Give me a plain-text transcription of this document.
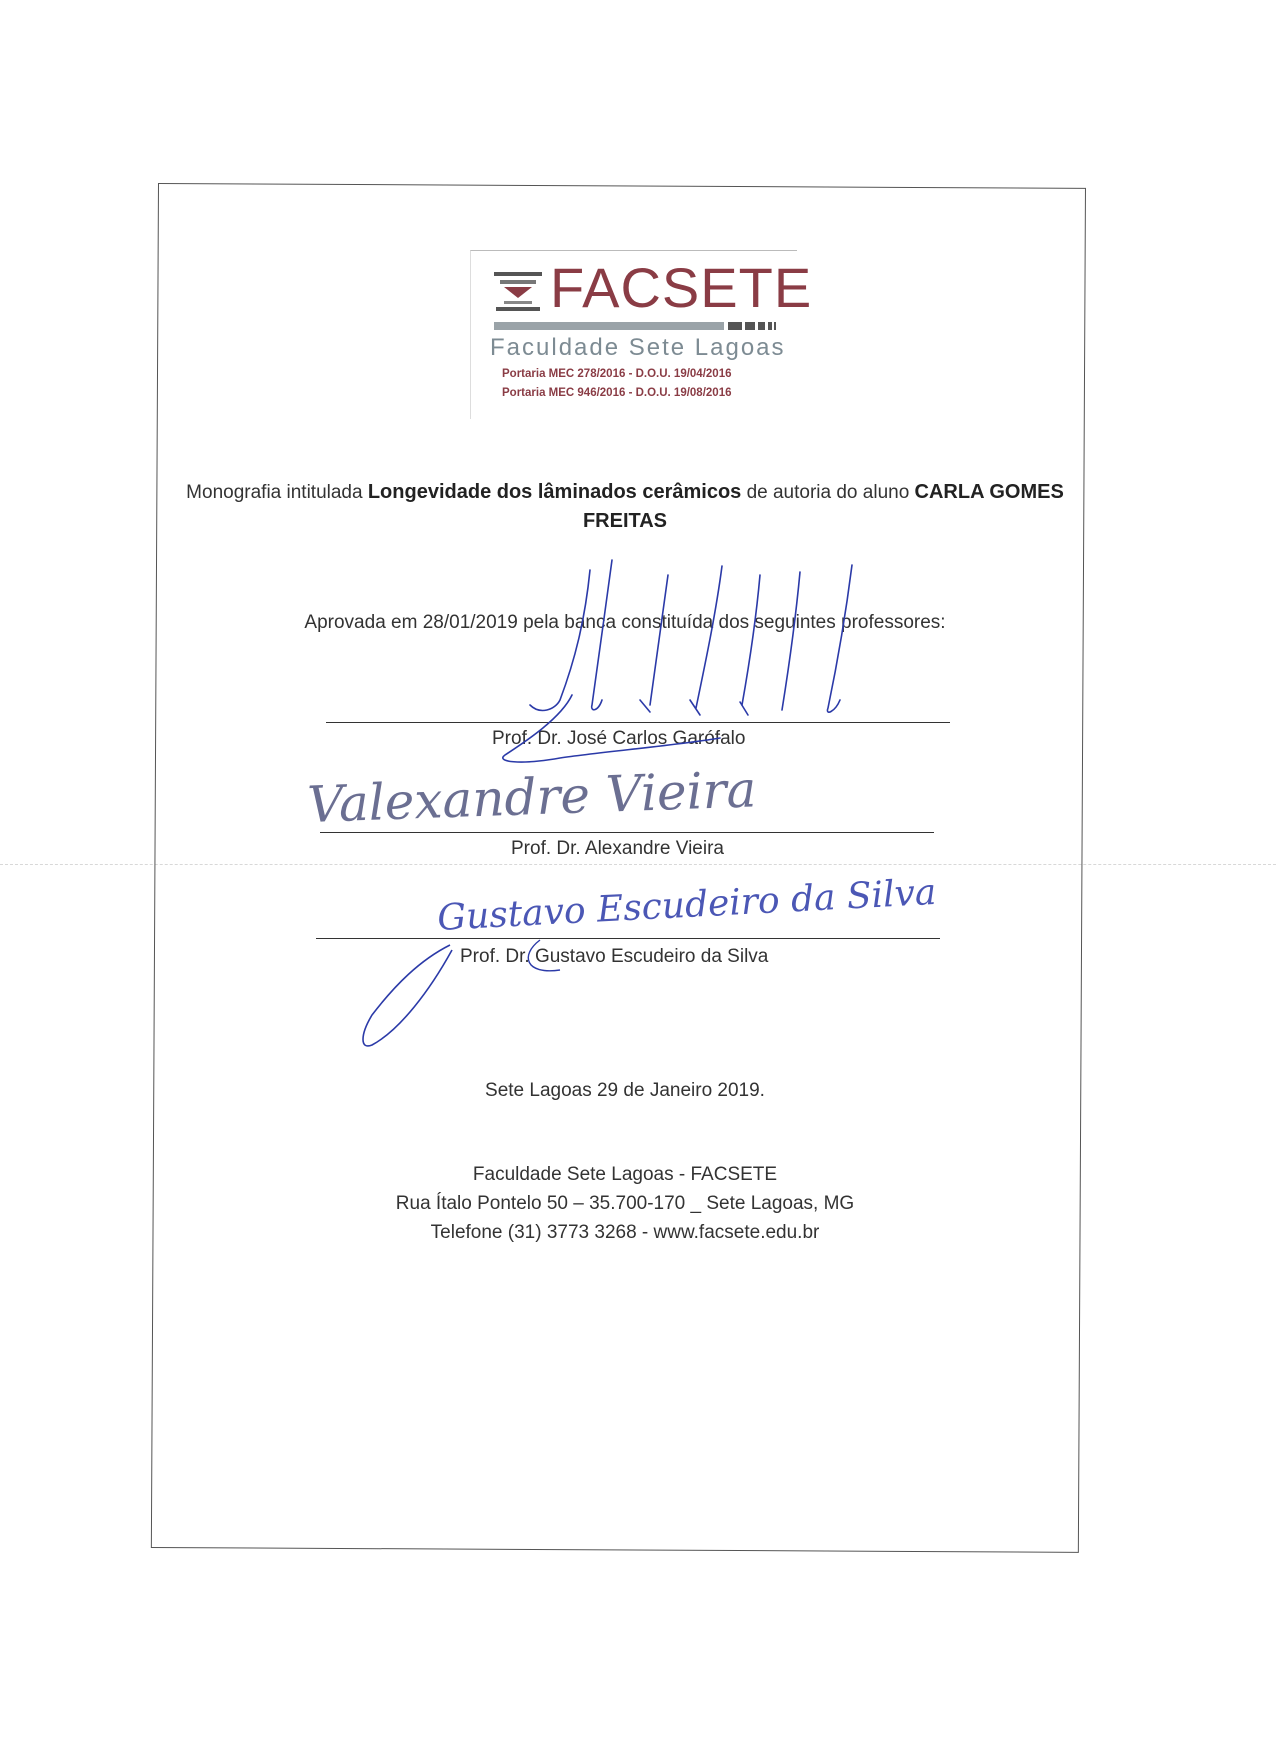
FACSETE
Faculdade Sete Lagoas
Portaria MEC 278/2016 - D.O.U. 19/04/2016
Portaria MEC 946/2016 - D.O.U. 19/08/2016
Monografia intitulada Longevidade dos lâminados cerâmicos de autoria do aluno CARLA GOMES FREITAS
Aprovada em 28/01/2019 pela banca constituída dos seguintes professores:
Prof. Dr. José Carlos Garófalo
Prof. Dr. Alexandre Vieira
Prof. Dr. Gustavo Escudeiro da Silva
Sete Lagoas 29 de Janeiro 2019.
Faculdade Sete Lagoas - FACSETE
Rua Ítalo Pontelo 50 – 35.700-170 _ Sete Lagoas, MG
Telefone (31) 3773 3268 - www.facsete.edu.br
Valexandre Vieira
Gustavo Escudeiro da Silva
